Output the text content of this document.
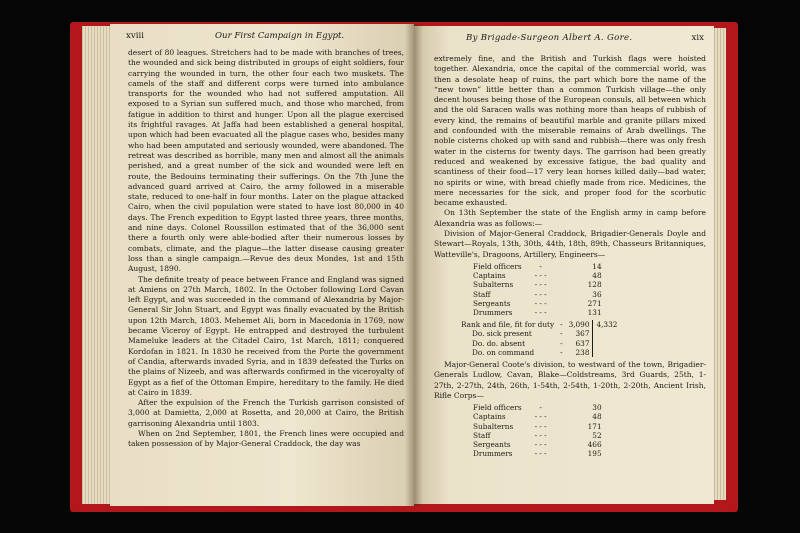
xviii	Our First Campaign in Egypt.

desert of 80 leagues. Stretchers had to be made with branches of trees, the wounded and sick being distributed in groups of eight soldiers, four carrying the wounded in turn, the other four each two muskets. The camels of the staff and different corps were turned into ambulance transports for the wounded who had not suffered amputation. All exposed to a Syrian sun suffered much, and those who marched, from fatigue in addition to thirst and hunger. Upon all the plague exercised its frightful ravages. At Jaffa had been established a general hospital, upon which had been evacuated all the plague cases who, besides many who had been amputated and seriously wounded, were abandoned. The retreat was described as horrible, many men and almost all the animals perished, and a great number of the sick and wounded were left en route, the Bedouins terminating their sufferings. On the 7th June the advanced guard arrived at Cairo, the army followed in a miserable state, reduced to one-half in four months. Later on the plague attacked Cairo, when the civil population were stated to have lost 80,000 in 40 days. The French expedition to Egypt lasted three years, three months, and nine days. Colonel Roussillon estimated that of the 36,000 sent there a fourth only were able-bodied after their numerous losses by combats, climate, and the plague—the latter disease causing greater loss than a single campaign.—Revue des deux Mondes, 1st and 15th August, 1890.

The definite treaty of peace between France and England was signed at Amiens on 27th March, 1802. In the October following Lord Cavan left Egypt, and was succeeded in the command of Alexandria by Major-General Sir John Stuart, and Egypt was finally evacuated by the British upon 12th March, 1803. Mehemet Ali, born in Macedonia in 1769, now became Viceroy of Egypt. He entrapped and destroyed the turbulent Mameluke leaders at the Citadel Cairo, 1st March, 1811; conquered Kordofan in 1821. In 1830 he received from the Porte the government of Candia, afterwards invaded Syria, and in 1839 defeated the Turks on the plains of Nizeeb, and was afterwards confirmed in the viceroyalty of Egypt as a fief of the Ottoman Empire, hereditary to the family. He died at Cairo in 1839.

After the expulsion of the French the Turkish garrison consisted of 3,000 at Damietta, 2,000 at Rosetta, and 20,000 at Cairo, the British garrisoning Alexandria until 1803.

When on 2nd September, 1801, the French lines were occupied and taken possession of by Major-General Craddock, the day was

By Brigade-Surgeon Albert A. Gore.	xix

extremely fine, and the British and Turkish flags were hoisted together. Alexandria, once the capital of the commercial world, was then a desolate heap of ruins, the part which bore the name of the “new town” little better than a common Turkish village—the only decent houses being those of the European consuls, all between which and the old Saracen walls was nothing more than heaps of rubbish of every kind, the remains of beautiful marble and granite pillars mixed and confounded with the miserable remains of Arab dwellings. The noble cisterns choked up with sand and rubbish—there was only fresh water in the cisterns for twenty days. The garrison had been greatly reduced and weakened by excessive fatigue, the bad quality and scantiness of their food—17 very lean horses killed daily—bad water, no spirits or wine, with bread chiefly made from rice. Medicines, the mere necessaries for the sick, and proper food for the scorbutic became exhausted.

On 13th September the state of the English army in camp before Alexandria was as follows:—

Division of Major-General Craddock, Brigadier-Generals Doyle and Stewart—Royals, 13th, 30th, 44th, 18th, 89th, Chasseurs Britanniques, Watteville's, Dragoons, Artillery, Engineers—

Field officers	-	14
Captains	- - -	48
Subalterns	- - -	128
Staff	- - -	36
Sergeants	- - -	271
Drummers	- - -	131
Rank and file, fit for duty	-	3,090	4,332
Do. sick present	-	367	
Do. do. absent	-	637	
Do. on command	-	238	

Major-General Coote's division, to westward of the town, Brigadier-Generals Ludlow, Cavan, Blake—Coldstreams, 3rd Guards, 25th, 1-27th, 2-27th, 24th, 26th, 1-54th, 2-54th, 1-20th, 2-20th, Ancient Irish, Rifle Corps—

Field officers	-	30
Captains	- - -	48
Subalterns	- - -	171
Staff	- - -	52
Sergeants	- - -	466
Drummers	- - -	195
